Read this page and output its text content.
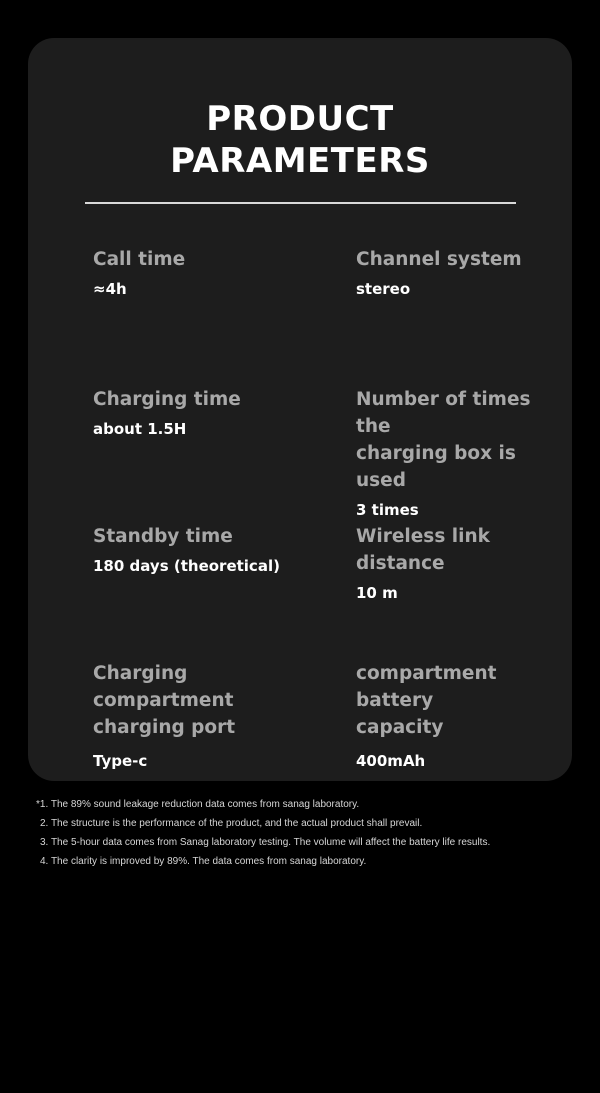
PRODUCT
PARAMETERS
Call time
≈4h
Channel system
stereo
Charging time
about 1.5H
Number of times the
charging box is used
3 times
Standby time
180 days (theoretical)
Wireless link distance
10 m
Charging compartment
charging port
Type-c
compartment battery
capacity
400mAh
*1. The 89% sound leakage reduction data comes from sanag laboratory.
2. The structure is the performance of the product, and the actual product shall prevail.
3. The 5-hour data comes from Sanag laboratory testing. The volume will affect the battery life results.
4. The clarity is improved by 89%. The data comes from sanag laboratory.
